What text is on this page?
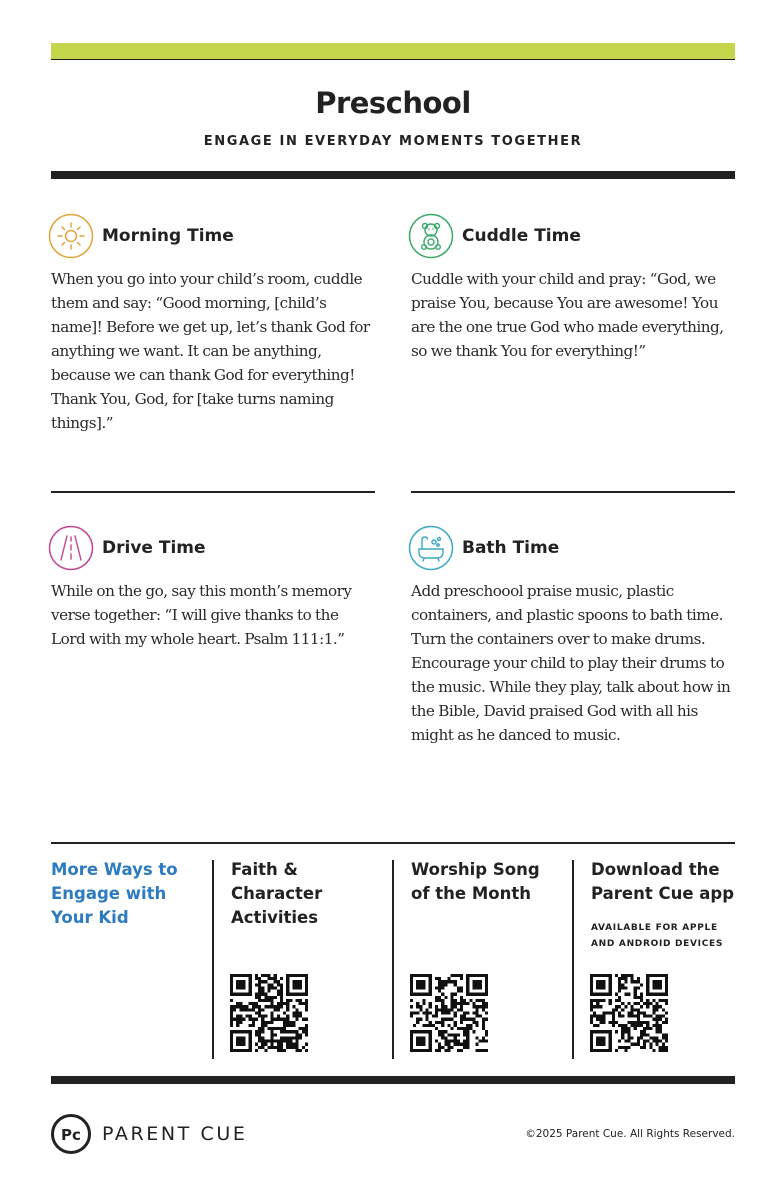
Preschool
ENGAGE IN EVERYDAY MOMENTS TOGETHER
Morning Time

When you go into your child’s room, cuddle them and say: “Good morning, [child’s name]! Before we get up, let’s thank God for anything we want. It can be anything, because we can thank God for everything! Thank You, God, for [take turns naming things].”

Cuddle Time

Cuddle with your child and pray: “God, we praise You, because You are awesome! You are the one true God who made everything, so we thank You for everything!”

Drive Time

While on the go, say this month’s memory verse together: “I will give thanks to the Lord with my whole heart. Psalm 111:1.”

Bath Time

Add preschoool praise music, plastic containers, and plastic spoons to bath time. Turn the containers over to make drums. Encourage your child to play their drums to the music. While they play, talk about how in the Bible, David praised God with all his might as he danced to music.

More Ways to Engage with Your Kid
Faith & Character Activities
Worship Song of the Month
Download the Parent Cue app
AVAILABLE FOR APPLE AND ANDROID DEVICES
Pc PARENT CUE	©2025 Parent Cue. All Rights Reserved.
